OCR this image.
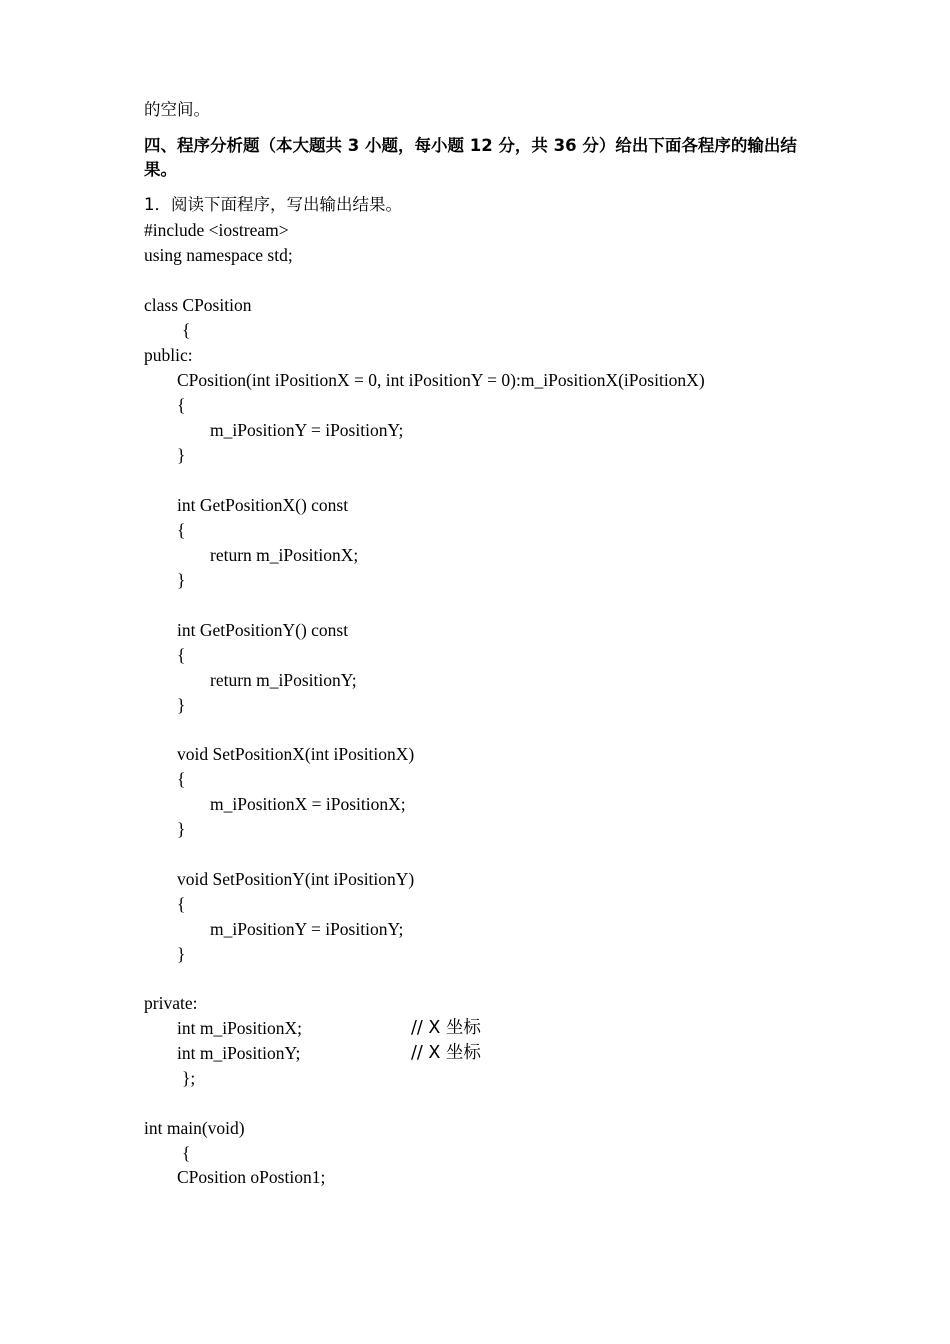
的空间。
四、程序分析题（本大题共 3 小题，每小题 12 分，共 36 分）给出下面各程序的输出结果。
1．阅读下面程序，写出输出结果。
#include <iostream>
using namespace std;
class CPosition
{
public:
CPosition(int iPositionX = 0, int iPositionY = 0):m_iPositionX(iPositionX)
{
m_iPositionY = iPositionY;
}
int GetPositionX() const
{
return m_iPositionX;
}
int GetPositionY() const
{
return m_iPositionY;
}
void SetPositionX(int iPositionX)
{
m_iPositionX = iPositionX;
}
void SetPositionY(int iPositionY)
{
m_iPositionY = iPositionY;
}
private:
int m_iPositionX;	// X 坐标
int m_iPositionY;	// X 坐标
};
int main(void)
{
CPosition oPostion1;
